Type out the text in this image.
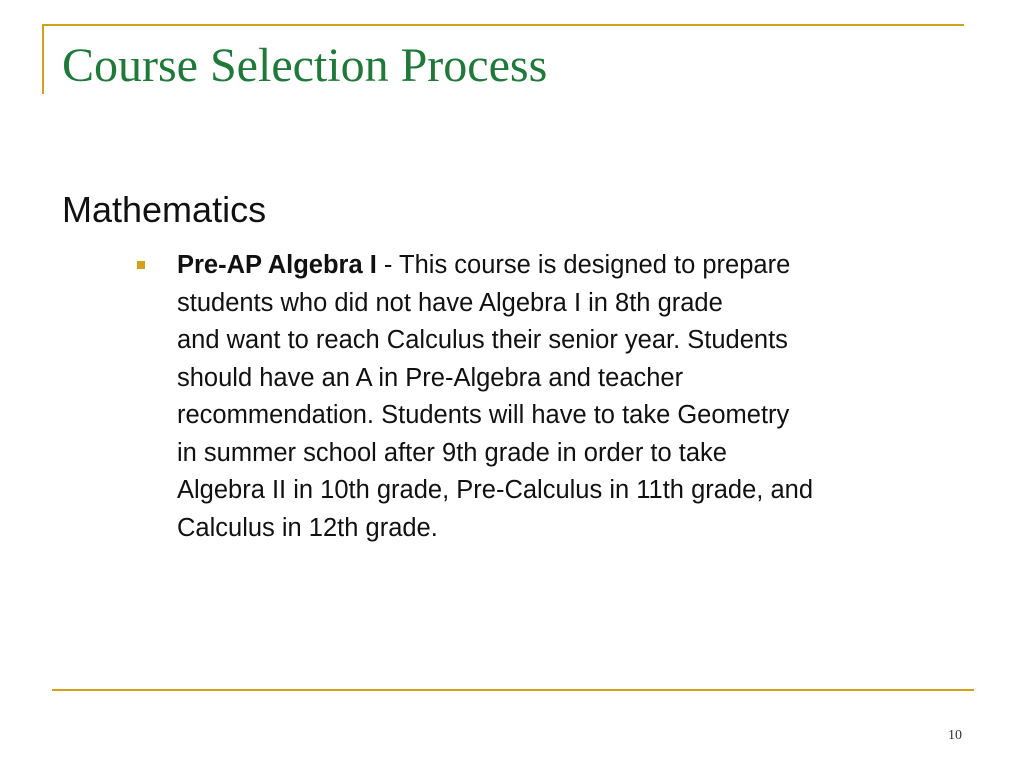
Course Selection Process
Mathematics
Pre-AP Algebra I - This course is designed to prepare
students who did not have Algebra I in 8th grade
and want to reach Calculus their senior year. Students
should have an A in Pre-Algebra and teacher
recommendation. Students will have to take Geometry
in summer school after 9th grade in order to take
Algebra II in 10th grade, Pre-Calculus in 11th grade, and
Calculus in 12th grade.
10
